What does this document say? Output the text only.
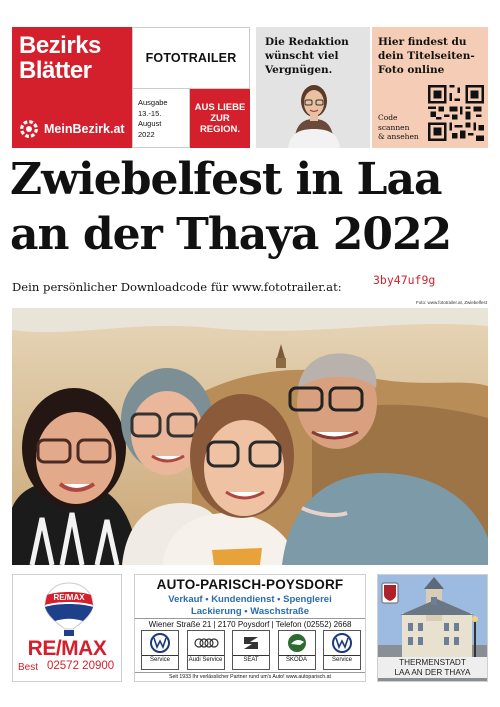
Bezirks
Blätter
MeinBezirk.at
FOTOTRAILER
Ausgabe
13.-15. August
2022
AUS LIEBE
ZUR
REGION.
Die Redaktion
wünscht viel
Vergnügen.
Hier findest du
dein Titelseiten-
Foto online
Code
scannen
& ansehen
Zwiebelfest in Laa
an der Thaya 2022
Dein persönlicher Downloadcode für www.fototrailer.at:	3by47uf9g
Foto: www.fototrailer.at, Zwiebelfest
RE/MAX
RE/MAX
Best 02572 20900
AUTO-PARISCH-POYSDORF
Verkauf • Kundendienst • Spenglerei
Lackierung • Waschstraße
Wiener Straße 21 | 2170 Poysdorf | Telefon (02552) 2668
Service	Audi Service	SEAT	ŠKODA	Service
Seit 1933 Ihr verlässlicher Partner rund um's Auto! www.autoparisch.at
THERMENSTADT
LAA AN DER THAYA
